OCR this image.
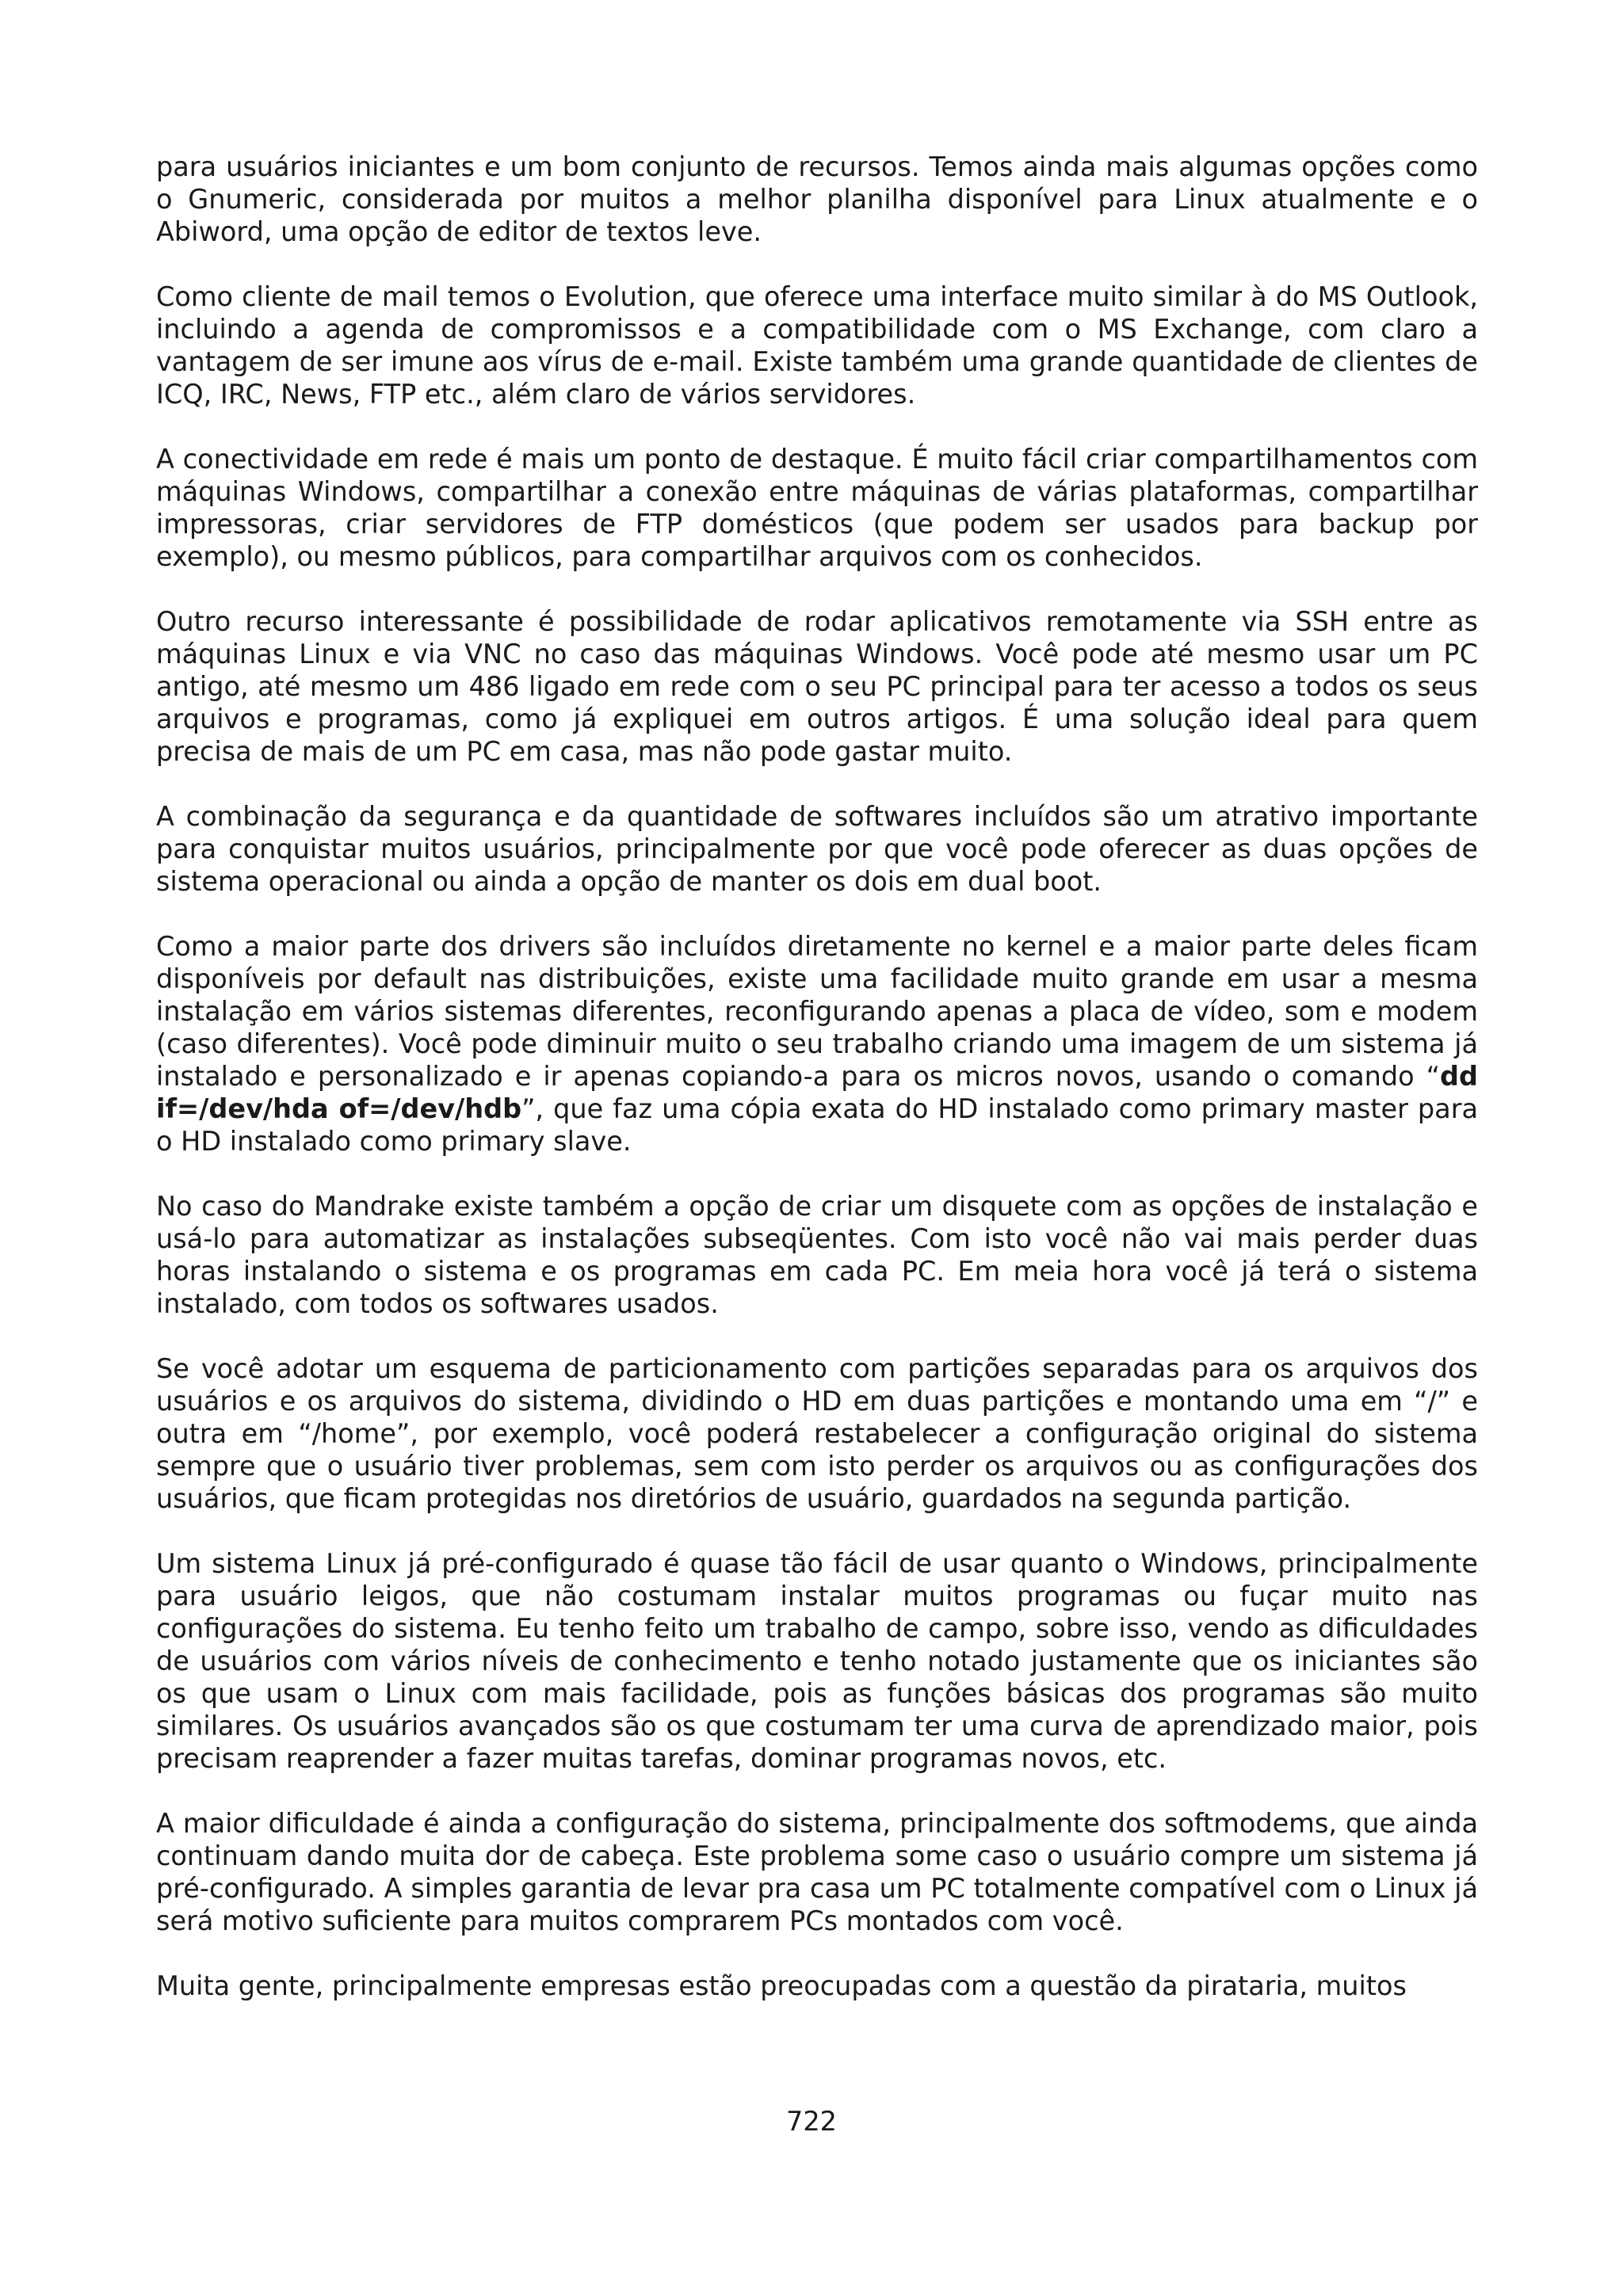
para usuários iniciantes e um bom conjunto de recursos. Temos ainda mais algumas opções como o Gnumeric, considerada por muitos a melhor planilha disponível para Linux atualmente e o Abiword, uma opção de editor de textos leve.

Como cliente de mail temos o Evolution, que oferece uma interface muito similar à do MS Outlook, incluindo a agenda de compromissos e a compatibilidade com o MS Exchange, com claro a vantagem de ser imune aos vírus de e-mail. Existe também uma grande quantidade de clientes de ICQ, IRC, News, FTP etc., além claro de vários servidores.

A conectividade em rede é mais um ponto de destaque. É muito fácil criar compartilhamentos com máquinas Windows, compartilhar a conexão entre máquinas de várias plataformas, compartilhar impressoras, criar servidores de FTP domésticos (que podem ser usados para backup por exemplo), ou mesmo públicos, para compartilhar arquivos com os conhecidos.

Outro recurso interessante é possibilidade de rodar aplicativos remotamente via SSH entre as máquinas Linux e via VNC no caso das máquinas Windows. Você pode até mesmo usar um PC antigo, até mesmo um 486 ligado em rede com o seu PC principal para ter acesso a todos os seus arquivos e programas, como já expliquei em outros artigos. É uma solução ideal para quem precisa de mais de um PC em casa, mas não pode gastar muito.

A combinação da segurança e da quantidade de softwares incluídos são um atrativo importante para conquistar muitos usuários, principalmente por que você pode oferecer as duas opções de sistema operacional ou ainda a opção de manter os dois em dual boot.

Como a maior parte dos drivers são incluídos diretamente no kernel e a maior parte deles ficam disponíveis por default nas distribuições, existe uma facilidade muito grande em usar a mesma instalação em vários sistemas diferentes, reconfigurando apenas a placa de vídeo, som e modem (caso diferentes). Você pode diminuir muito o seu trabalho criando uma imagem de um sistema já instalado e personalizado e ir apenas copiando-a para os micros novos, usando o comando “dd if=/dev/hda of=/dev/hdb”, que faz uma cópia exata do HD instalado como primary master para o HD instalado como primary slave.

No caso do Mandrake existe também a opção de criar um disquete com as opções de instalação e usá-lo para automatizar as instalações subseqüentes. Com isto você não vai mais perder duas horas instalando o sistema e os programas em cada PC. Em meia hora você já terá o sistema instalado, com todos os softwares usados.

Se você adotar um esquema de particionamento com partições separadas para os arquivos dos usuários e os arquivos do sistema, dividindo o HD em duas partições e montando uma em “/” e outra em “/home”, por exemplo, você poderá restabelecer a configuração original do sistema sempre que o usuário tiver problemas, sem com isto perder os arquivos ou as configurações dos usuários, que ficam protegidas nos diretórios de usuário, guardados na segunda partição.

Um sistema Linux já pré-configurado é quase tão fácil de usar quanto o Windows, principalmente para usuário leigos, que não costumam instalar muitos programas ou fuçar muito nas configurações do sistema. Eu tenho feito um trabalho de campo, sobre isso, vendo as dificuldades de usuários com vários níveis de conhecimento e tenho notado justamente que os iniciantes são os que usam o Linux com mais facilidade, pois as funções básicas dos programas são muito similares. Os usuários avançados são os que costumam ter uma curva de aprendizado maior, pois precisam reaprender a fazer muitas tarefas, dominar programas novos, etc.

A maior dificuldade é ainda a configuração do sistema, principalmente dos softmodems, que ainda continuam dando muita dor de cabeça. Este problema some caso o usuário compre um sistema já pré-configurado. A simples garantia de levar pra casa um PC totalmente compatível com o Linux já será motivo suficiente para muitos comprarem PCs montados com você.

Muita gente, principalmente empresas estão preocupadas com a questão da pirataria, muitos

722
